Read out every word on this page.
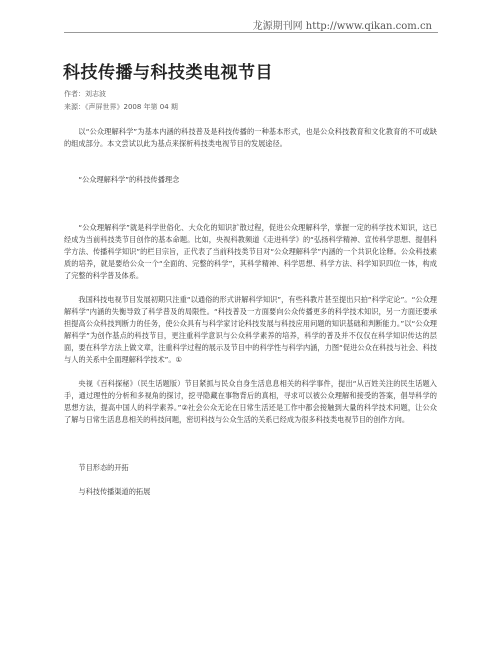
龙源期刊网 http://www.qikan.com.cn
科技传播与科技类电视节目
作者：刘志波
来源：《声屏世界》2008 年第 04 期

以“公众理解科学”为基本内涵的科技普及是科技传播的一种基本形式，也是公众科技教育和文化教育的不可或缺的组成部分。本文尝试以此为基点来探析科技类电视节目的发展途径。

“公众理解科学”的科技传播理念

“公众理解科学”就是科学世俗化、大众化的知识扩散过程，促进公众理解科学，掌握一定的科学技术知识，这已经成为当前科技类节目创作的基本命题。比如，央视科教频道《走进科学》的“弘扬科学精神、宣传科学思想、提倡科学方法、传播科学知识”的栏目宗旨，正代表了当前科技类节目对“公众理解科学”内涵的一个共识化诠释。公众科技素质的培养，就是要给公众一个“全面的、完整的科学”，其科学精神、科学思想、科学方法、科学知识四位一体，构成了完整的科学普及体系。

我国科技电视节目发展初期只注重“以通俗的形式讲解科学知识”，有些科教片甚至提出只拍“科学定论”。“公众理解科学”内涵的失衡导致了科学普及的局限性。“科技普及一方面要向公众传播更多的科学技术知识，另一方面还要承担提高公众科技判断力的任务，使公众具有与科学家讨论科技发展与科技应用问题的知识基础和判断能力。”以“公众理解科学”为创作基点的科技节目，更注重科学意识与公众科学素养的培养，科学的普及并不仅仅在科学知识传达的层面，要在科学方法上做文章，注重科学过程的展示及节目中的科学性与科学内涵，力图“促进公众在科技与社会、科技与人的关系中全面理解科学技术”。①

央视《百科探秘》（民生话题版）节目紧抓与民众自身生活息息相关的科学事件，提出“从百姓关注的民生话题入手，通过理性的分析和多视角的探讨，挖寻隐藏在事物背后的真相，寻求可以被公众理解和接受的答案，倡导科学的思想方法，提高中国人的科学素养。”②社会公众无论在日常生活还是工作中都会接触到大量的科学技术问题，让公众了解与日常生活息息相关的科技问题，密切科技与公众生活的关系已经成为很多科技类电视节目的创作方向。

节目形态的开拓

与科技传播渠道的拓展
